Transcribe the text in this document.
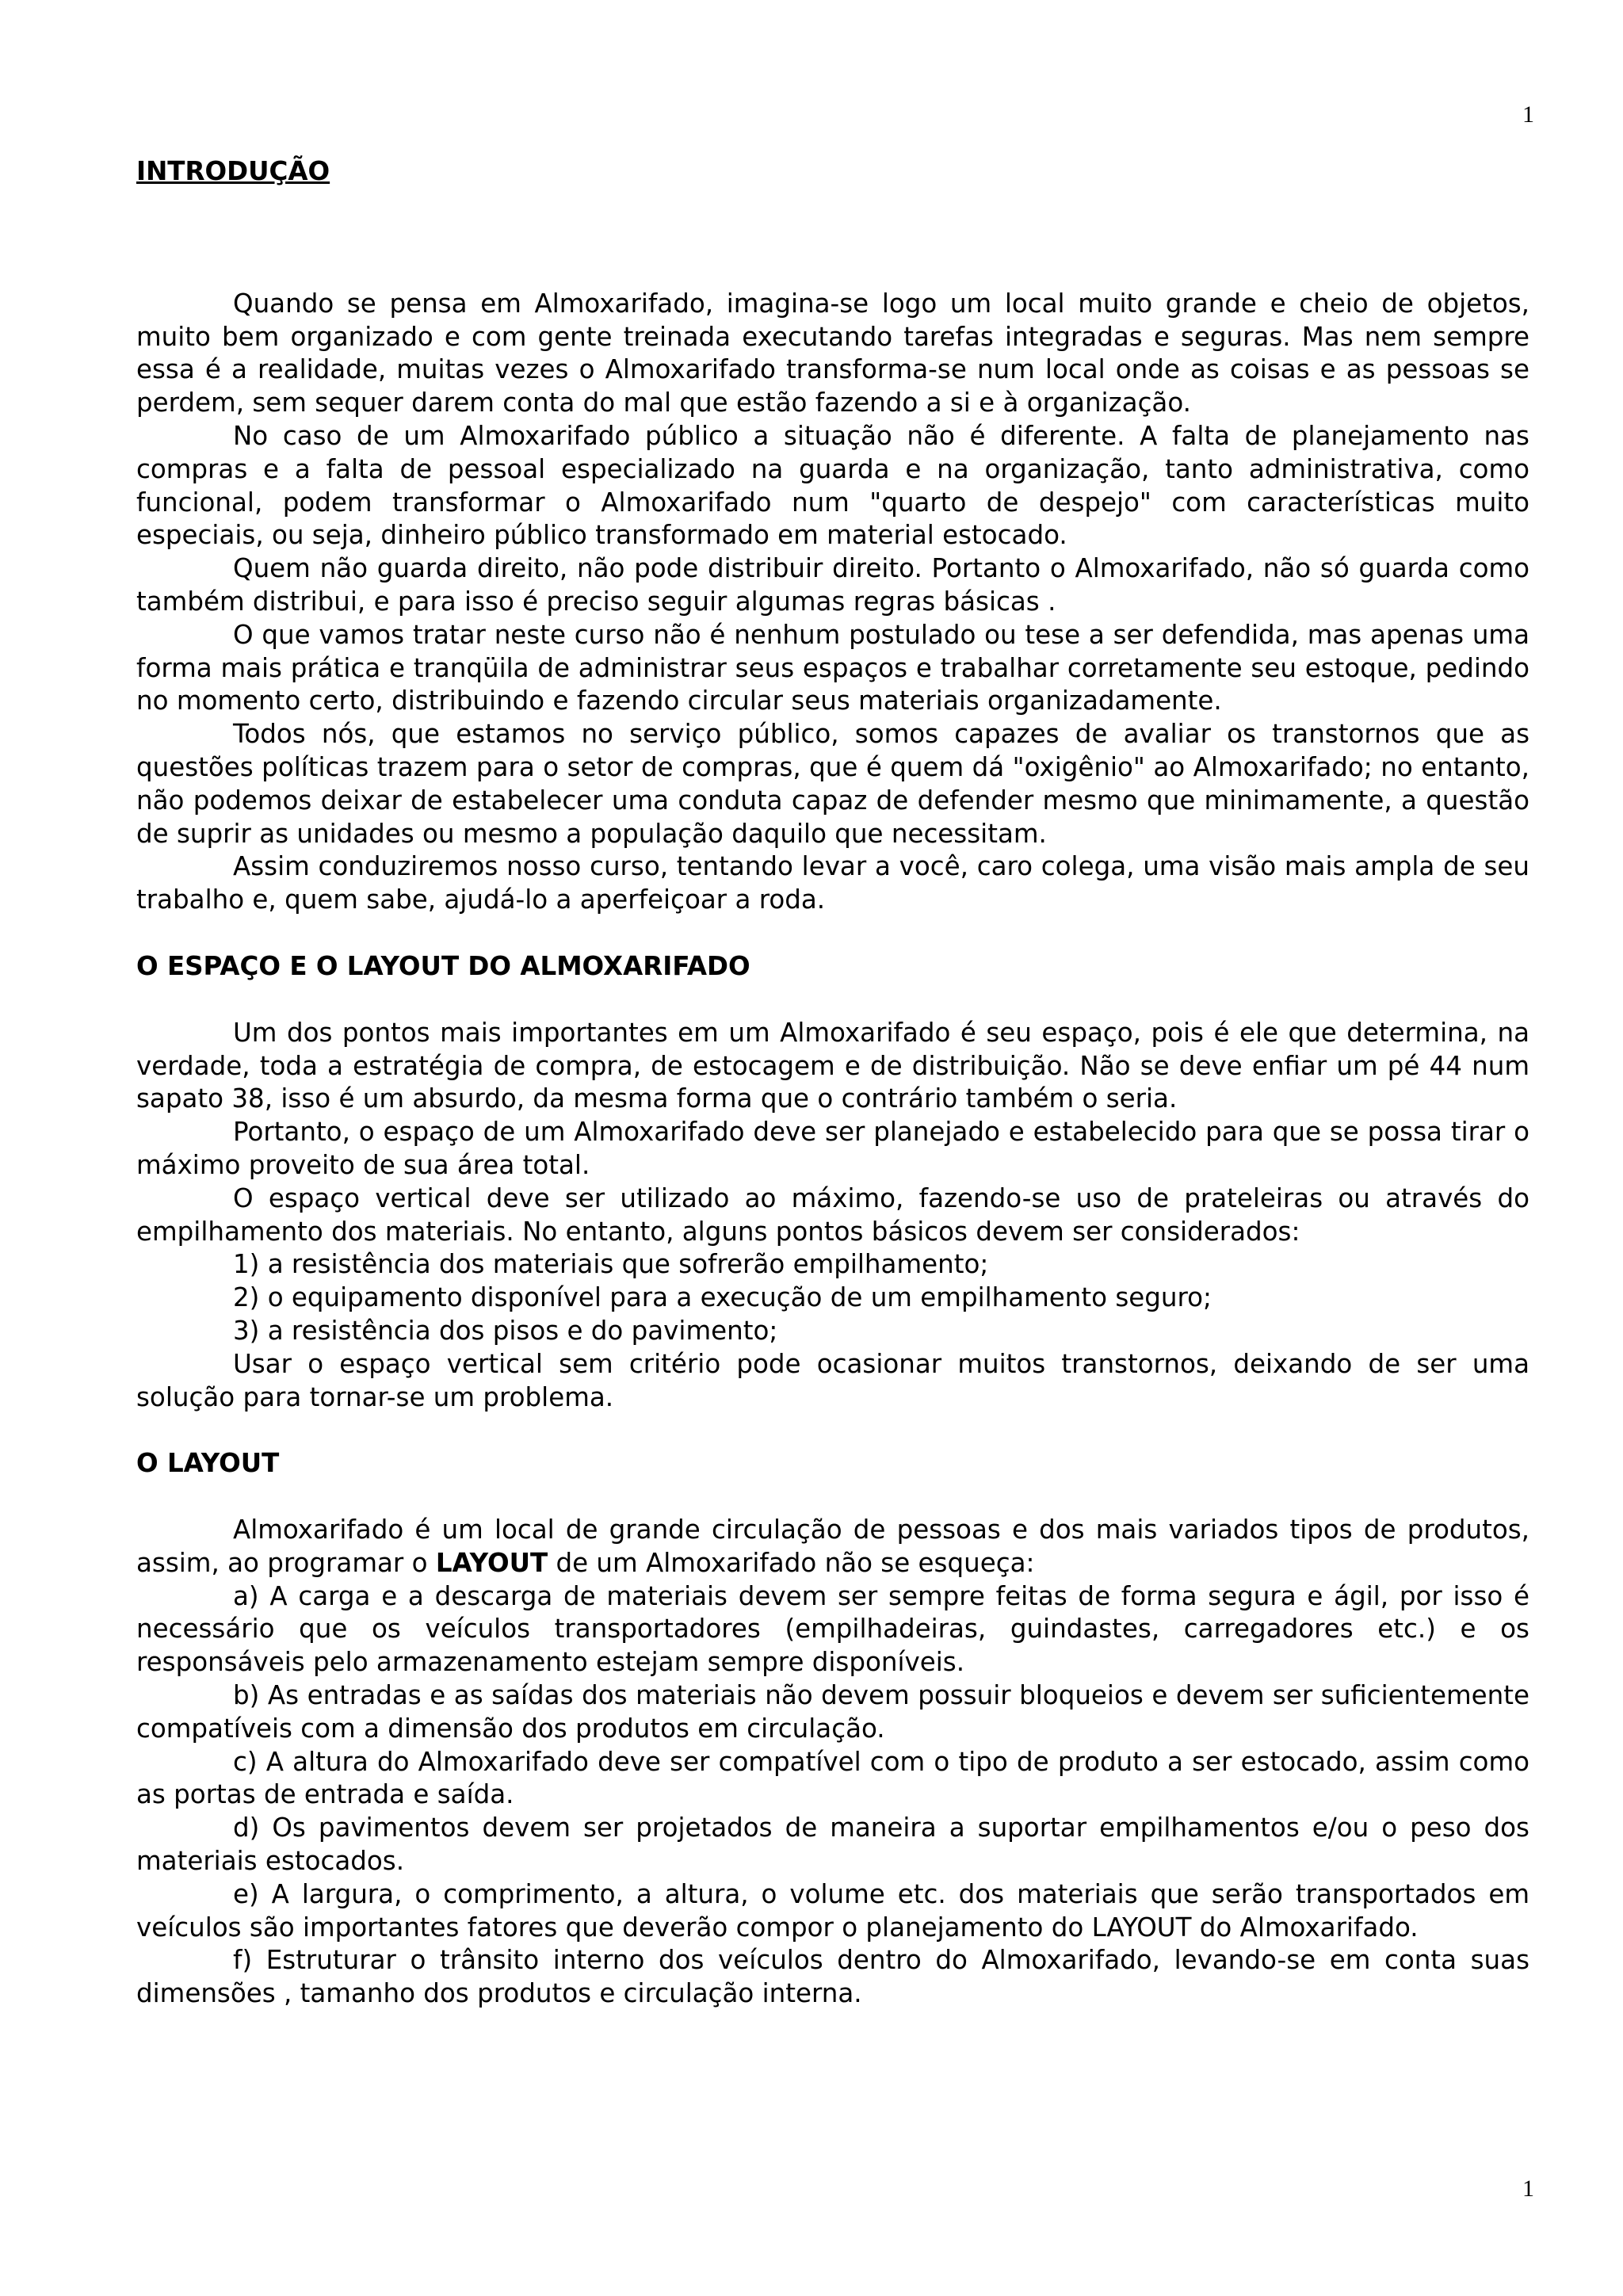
1
INTRODUÇÃO

Quando se pensa em Almoxarifado, imagina-se logo um local muito grande e cheio de objetos, muito bem organizado e com gente treinada executando tarefas integradas e seguras. Mas nem sempre essa é a realidade, muitas vezes o Almoxarifado transforma-se num local onde as coisas e as pessoas se perdem, sem sequer darem conta do mal que estão fazendo a si e à organização.

No caso de um Almoxarifado público a situação não é diferente. A falta de planejamento nas compras e a falta de pessoal especializado na guarda e na organização, tanto administrativa, como funcional, podem transformar o Almoxarifado num "quarto de despejo" com características muito especiais, ou seja, dinheiro público transformado em material estocado.

Quem não guarda direito, não pode distribuir direito. Portanto o Almoxarifado, não só guarda como também distribui, e para isso é preciso seguir algumas regras básicas .

O que vamos tratar neste curso não é nenhum postulado ou tese a ser defendida, mas apenas uma forma mais prática e tranqüila de administrar seus espaços e trabalhar corretamente seu estoque, pedindo no momento certo, distribuindo e fazendo circular seus materiais organizadamente.

Todos nós, que estamos no serviço público, somos capazes de avaliar os transtornos que as questões políticas trazem para o setor de compras, que é quem dá "oxigênio" ao Almoxarifado; no entanto, não podemos deixar de estabelecer uma conduta capaz de defender mesmo que minimamente, a questão de suprir as unidades ou mesmo a população daquilo que necessitam.

Assim conduziremos nosso curso, tentando levar a você, caro colega, uma visão mais ampla de seu trabalho e, quem sabe, ajudá-lo a aperfeiçoar a roda.

O ESPAÇO E O LAYOUT DO ALMOXARIFADO

Um dos pontos mais importantes em um Almoxarifado é seu espaço, pois é ele que determina, na verdade, toda a estratégia de compra, de estocagem e de distribuição. Não se deve enfiar um pé 44 num sapato 38, isso é um absurdo, da mesma forma que o contrário também o seria.

Portanto, o espaço de um Almoxarifado deve ser planejado e estabelecido para que se possa tirar o máximo proveito de sua área total.

O espaço vertical deve ser utilizado ao máximo, fazendo-se uso de prateleiras ou através do empilhamento dos materiais. No entanto, alguns pontos básicos devem ser considerados:

1) a resistência dos materiais que sofrerão empilhamento;

2) o equipamento disponível para a execução de um empilhamento seguro;

3) a resistência dos pisos e do pavimento;

Usar o espaço vertical sem critério pode ocasionar muitos transtornos, deixando de ser uma solução para tornar-se um problema.

O LAYOUT

Almoxarifado é um local de grande circulação de pessoas e dos mais variados tipos de produtos, assim, ao programar o LAYOUT de um Almoxarifado não se esqueça:

a) A carga e a descarga de materiais devem ser sempre feitas de forma segura e ágil, por isso é necessário que os veículos transportadores (empilhadeiras, guindastes, carregadores etc.) e os responsáveis pelo armazenamento estejam sempre disponíveis.

b) As entradas e as saídas dos materiais não devem possuir bloqueios e devem ser suficientemente compatíveis com a dimensão dos produtos em circulação.

c) A altura do Almoxarifado deve ser compatível com o tipo de produto a ser estocado, assim como as portas de entrada e saída.

d) Os pavimentos devem ser projetados de maneira a suportar empilhamentos e/ou o peso dos materiais estocados.

e) A largura, o comprimento, a altura, o volume etc. dos materiais que serão transportados em veículos são importantes fatores que deverão compor o planejamento do LAYOUT do Almoxarifado.

f) Estruturar o trânsito interno dos veículos dentro do Almoxarifado, levando-se em conta suas dimensões , tamanho dos produtos e circulação interna.

1
